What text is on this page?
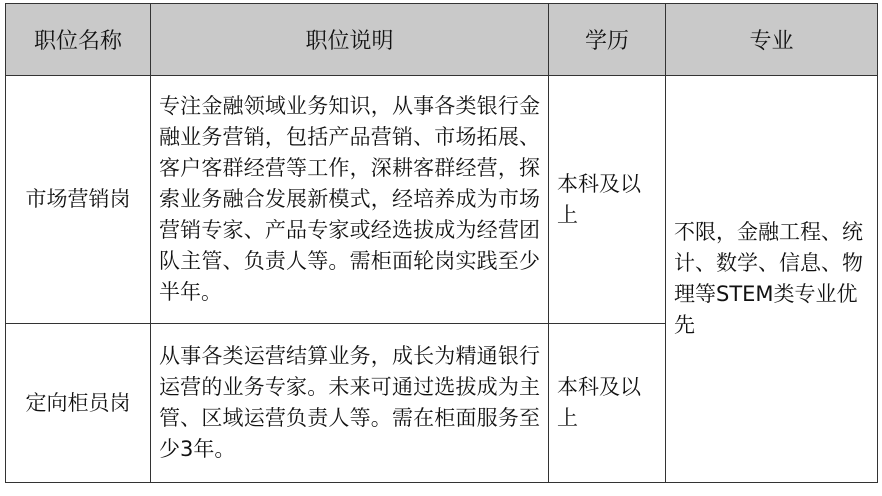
职位名称	职位说明	学历	专业
市场营销岗	专注金融领域业务知识，从事各类银行金融业务营销，包括产品营销、市场拓展、客户客群经营等工作，深耕客群经营，探索业务融合发展新模式，经培养成为市场营销专家、产品专家或经选拔成为经营团队主管、负责人等。需柜面轮岗实践至少半年。	本科及以上	不限，金融工程、统计、数学、信息、物理等STEM类专业优先
定向柜员岗	从事各类运营结算业务，成长为精通银行运营的业务专家。未来可通过选拔成为主管、区域运营负责人等。需在柜面服务至少3年。	本科及以上	
